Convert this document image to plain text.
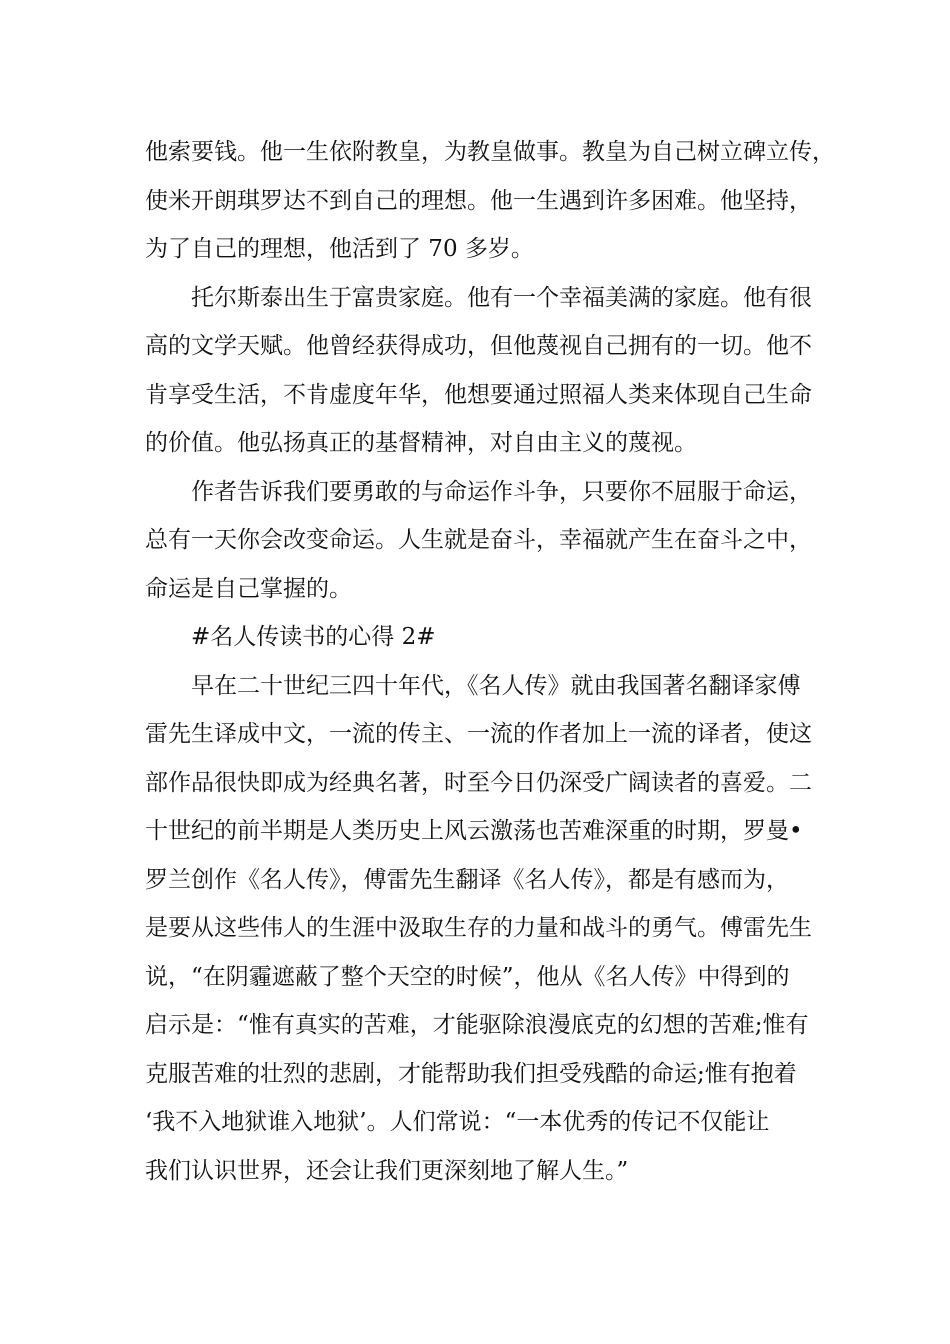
他索要钱。他一生依附教皇，为教皇做事。教皇为自己树立碑立传，
使米开朗琪罗达不到自己的理想。他一生遇到许多困难。他坚持，
为了自己的理想，他活到了 70 多岁。

托尔斯泰出生于富贵家庭。他有一个幸福美满的家庭。他有很
高的文学天赋。他曾经获得成功，但他蔑视自己拥有的一切。他不
肯享受生活，不肯虚度年华，他想要通过照福人类来体现自己生命
的价值。他弘扬真正的基督精神，对自由主义的蔑视。

作者告诉我们要勇敢的与命运作斗争，只要你不屈服于命运，
总有一天你会改变命运。人生就是奋斗，幸福就产生在奋斗之中，
命运是自己掌握的。

#名人传读书的心得 2#

早在二十世纪三四十年代，《名人传》就由我国著名翻译家傅
雷先生译成中文，一流的传主、一流的作者加上一流的译者，使这
部作品很快即成为经典名著，时至今日仍深受广阔读者的喜爱。二
十世纪的前半期是人类历史上风云激荡也苦难深重的时期，罗曼•
罗兰创作《名人传》，傅雷先生翻译《名人传》，都是有感而为，
是要从这些伟人的生涯中汲取生存的力量和战斗的勇气。傅雷先生
说，“在阴霾遮蔽了整个天空的时候”，他从《名人传》中得到的
启示是：“惟有真实的苦难，才能驱除浪漫底克的幻想的苦难;惟有
克服苦难的壮烈的悲剧，才能帮助我们担受残酷的命运;惟有抱着
‘我不入地狱谁入地狱’。人们常说：“一本优秀的传记不仅能让
我们认识世界，还会让我们更深刻地了解人生。”
